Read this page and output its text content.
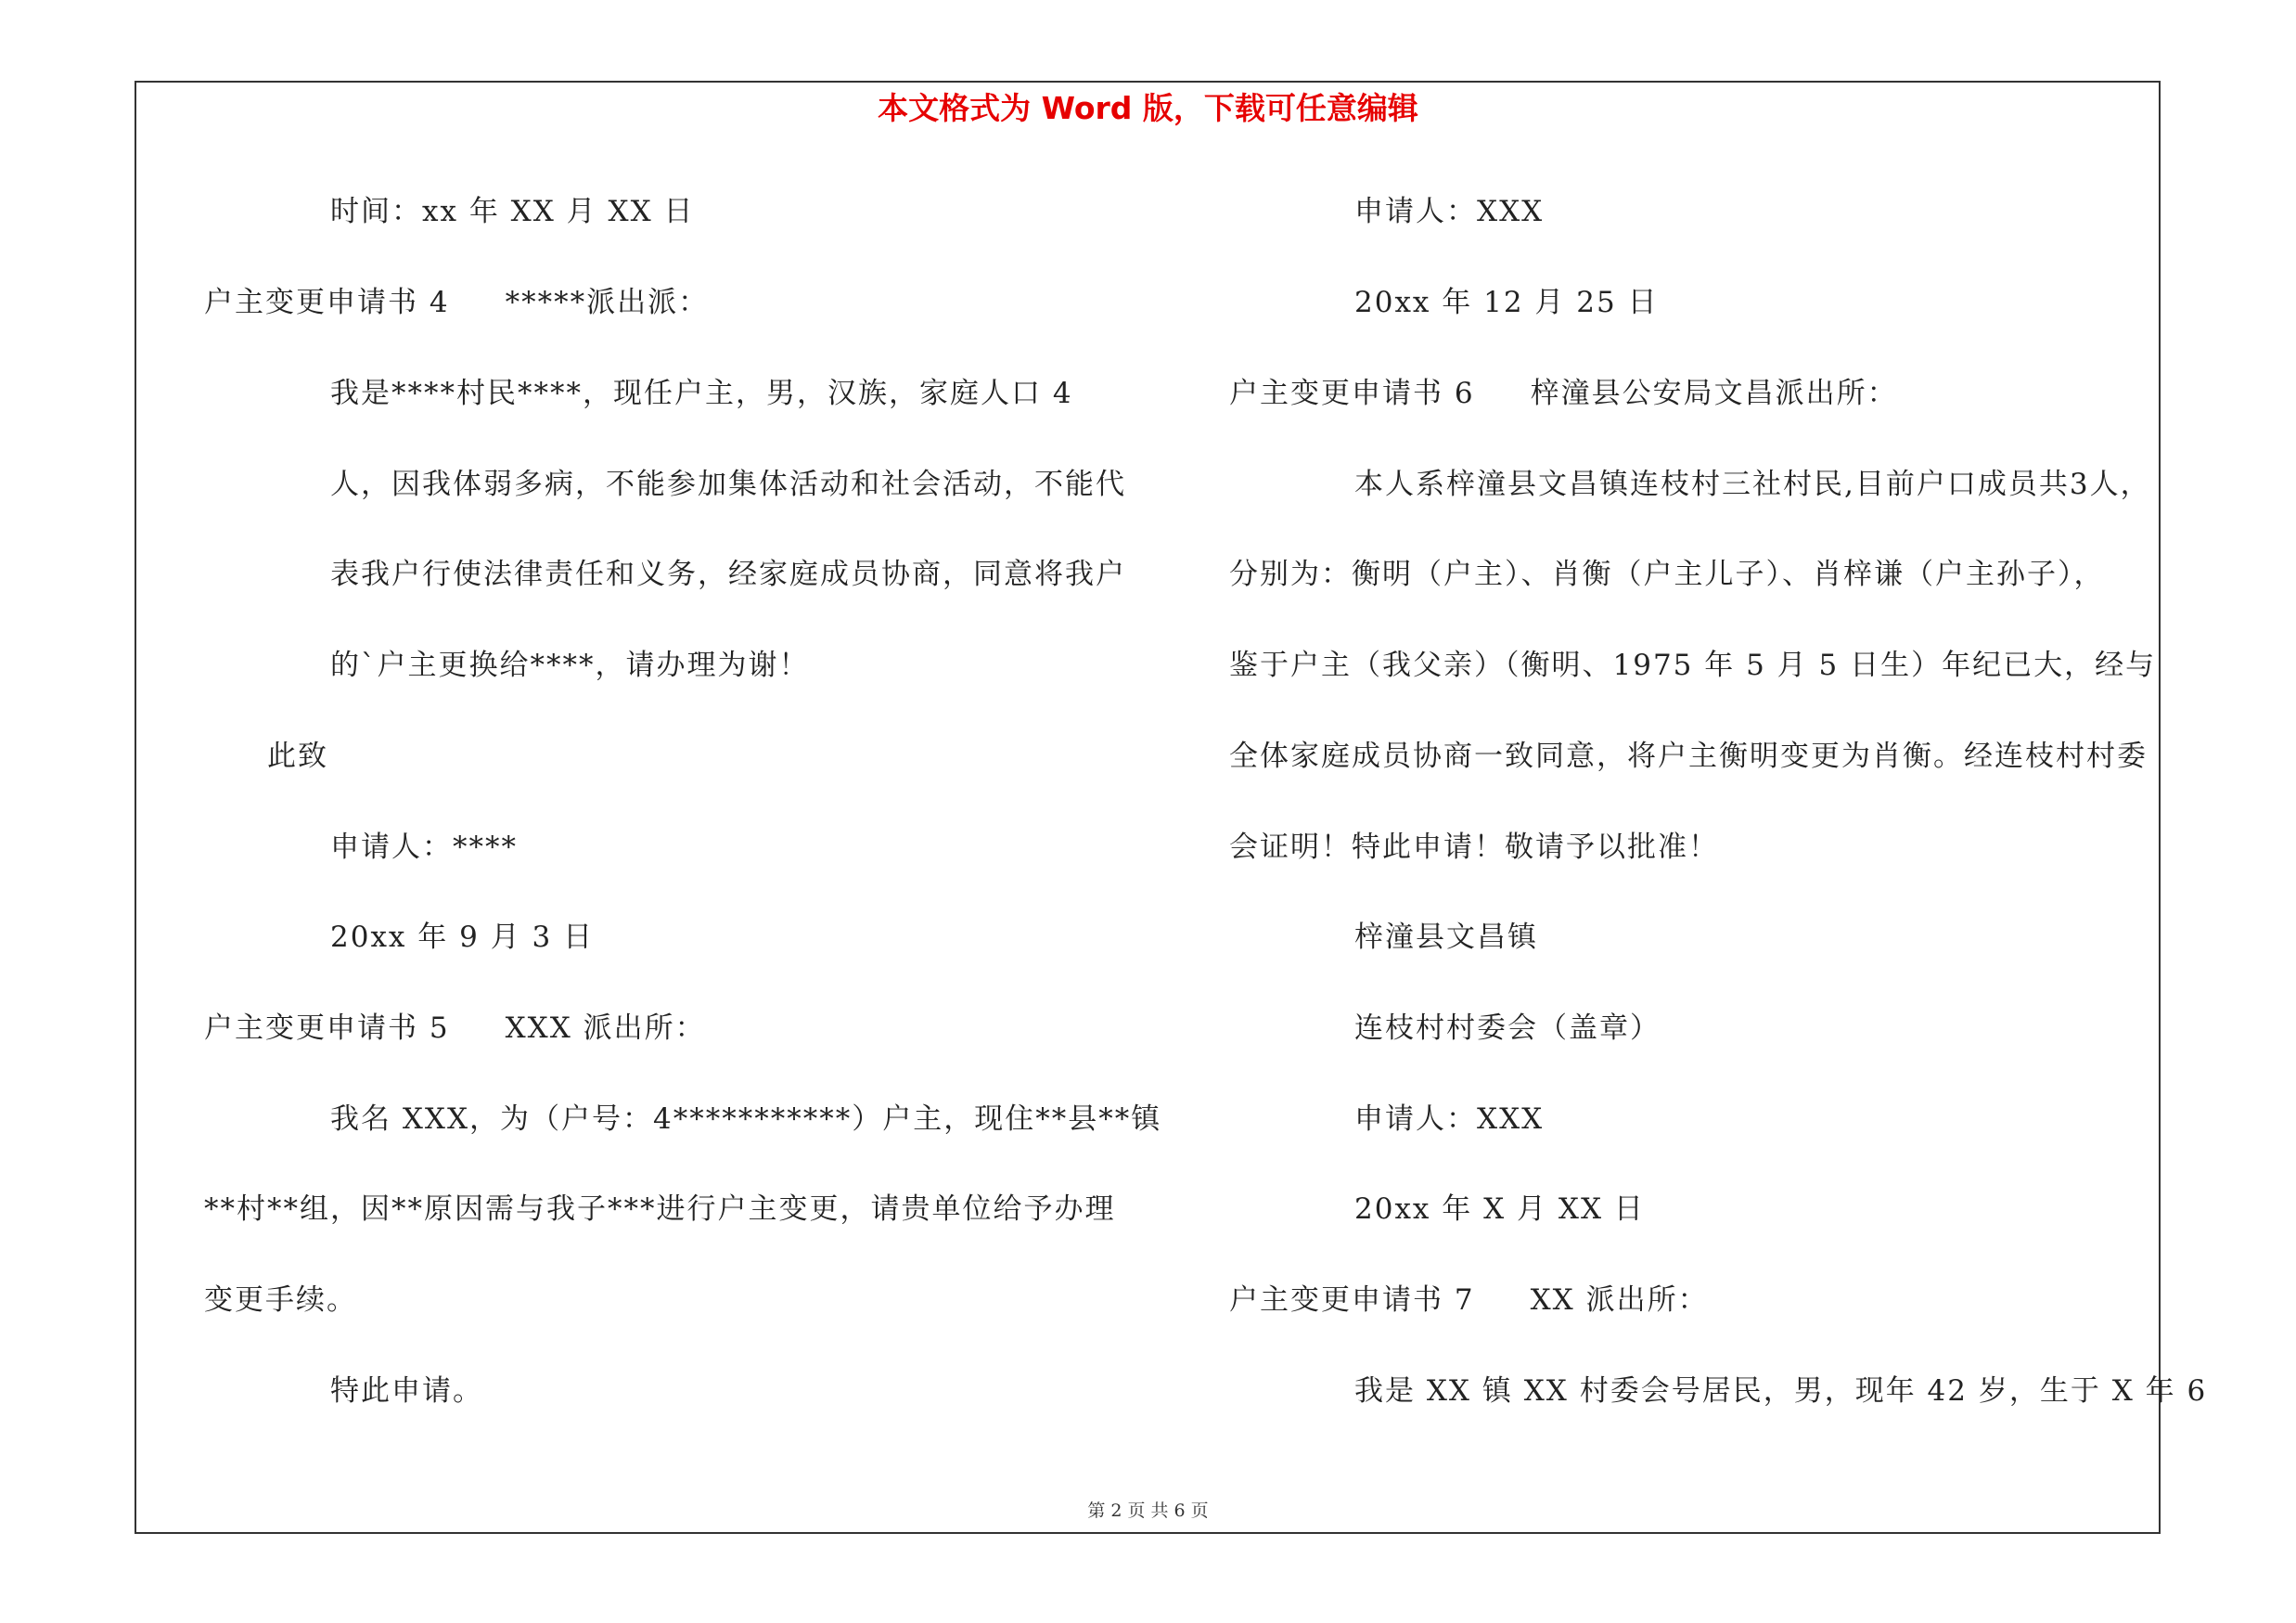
本文格式为 Word 版，下载可任意编辑
时间：xx 年 XX 月 XX 日
户主变更申请书 4 *****派出派：
我是****村民****，现任户主，男，汉族，家庭人口 4
人，因我体弱多病，不能参加集体活动和社会活动，不能代
表我户行使法律责任和义务，经家庭成员协商，同意将我户
的`户主更换给****，请办理为谢！
此致
申请人：****
20xx 年 9 月 3 日
户主变更申请书 5 XXX 派出所：
我名 XXX，为（户号：4***********）户主，现住**县**镇
**村**组，因**原因需与我子***进行户主变更，请贵单位给予办理
变更手续。
特此申请。
申请人：XXX
20xx 年 12 月 25 日
户主变更申请书 6 梓潼县公安局文昌派出所：
本人系梓潼县文昌镇连枝村三社村民,目前户口成员共3人，
分别为：衡明（户主）、肖衡（户主儿子）、肖梓谦（户主孙子），
鉴于户主（我父亲）（衡明、1975 年 5 月 5 日生）年纪已大，经与
全体家庭成员协商一致同意，将户主衡明变更为肖衡。经连枝村村委
会证明！特此申请！敬请予以批准！
梓潼县文昌镇
连枝村村委会（盖章）
申请人：XXX
20xx 年 X 月 XX 日
户主变更申请书 7 XX 派出所：
我是 XX 镇 XX 村委会号居民，男，现年 42 岁，生于 X 年 6
第 2 页 共 6 页
